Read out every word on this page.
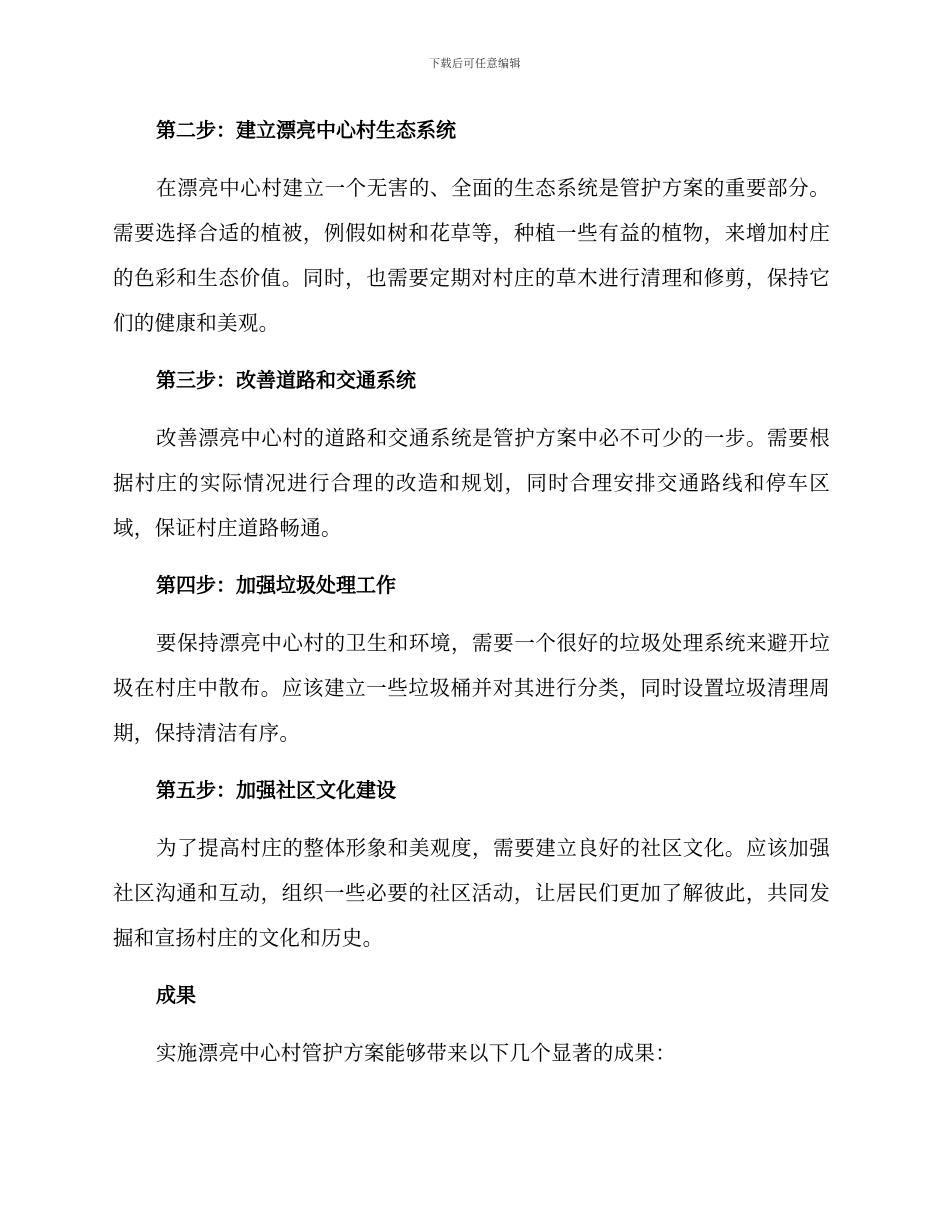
下载后可任意编辑
第二步：建立漂亮中心村生态系统

在漂亮中心村建立一个无害的、全面的生态系统是管护方案的重要部分。需要选择合适的植被，例假如树和花草等，种植一些有益的植物，来增加村庄的色彩和生态价值。同时，也需要定期对村庄的草木进行清理和修剪，保持它们的健康和美观。

第三步：改善道路和交通系统

改善漂亮中心村的道路和交通系统是管护方案中必不可少的一步。需要根据村庄的实际情况进行合理的改造和规划，同时合理安排交通路线和停车区域，保证村庄道路畅通。

第四步：加强垃圾处理工作

要保持漂亮中心村的卫生和环境，需要一个很好的垃圾处理系统来避开垃圾在村庄中散布。应该建立一些垃圾桶并对其进行分类，同时设置垃圾清理周期，保持清洁有序。

第五步：加强社区文化建设

为了提高村庄的整体形象和美观度，需要建立良好的社区文化。应该加强社区沟通和互动，组织一些必要的社区活动，让居民们更加了解彼此，共同发掘和宣扬村庄的文化和历史。

成果

实施漂亮中心村管护方案能够带来以下几个显著的成果：
